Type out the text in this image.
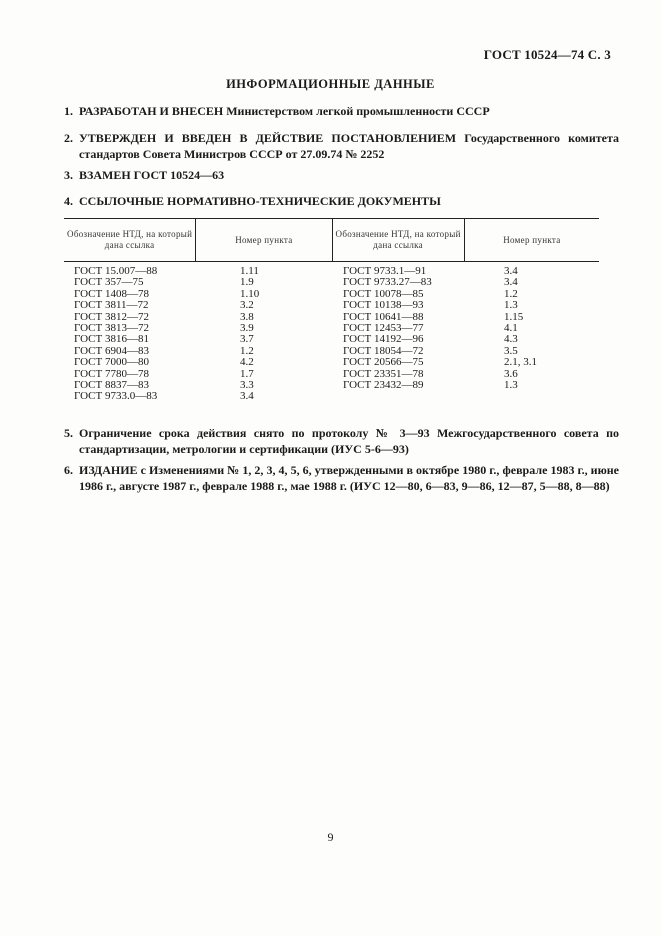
ГОСТ 10524—74 С. 3
ИНФОРМАЦИОННЫЕ ДАННЫЕ
1. РАЗРАБОТАН И ВНЕСЕН Министерством легкой промышленности СССР
2. УТВЕРЖДЕН И ВВЕДЕН В ДЕЙСТВИЕ ПОСТАНОВЛЕНИЕМ Государственного комитета стандартов Совета Министров СССР от 27.09.74 № 2252
3. ВЗАМЕН ГОСТ 10524—63
4. ССЫЛОЧНЫЕ НОРМАТИВНО-ТЕХНИЧЕСКИЕ ДОКУМЕНТЫ
Обозначение НТД, на который дана ссылка
Номер пункта
Обозначение НТД, на который дана ссылка
Номер пункта
ГОСТ 15.007—88
ГОСТ 357—75
ГОСТ 1408—78
ГОСТ 3811—72
ГОСТ 3812—72
ГОСТ 3813—72
ГОСТ 3816—81
ГОСТ 6904—83
ГОСТ 7000—80
ГОСТ 7780—78
ГОСТ 8837—83
ГОСТ 9733.0—83
1.11
1.9
1.10
3.2
3.8
3.9
3.7
1.2
4.2
1.7
3.3
3.4
ГОСТ 9733.1—91
ГОСТ 9733.27—83
ГОСТ 10078—85
ГОСТ 10138—93
ГОСТ 10641—88
ГОСТ 12453—77
ГОСТ 14192—96
ГОСТ 18054—72
ГОСТ 20566—75
ГОСТ 23351—78
ГОСТ 23432—89
3.4
3.4
1.2
1.3
1.15
4.1
4.3
3.5
2.1, 3.1
3.6
1.3
5. Ограничение срока действия снято по протоколу № 3—93 Межгосударственного совета по стандартизации, метрологии и сертификации (ИУС 5-6—93)
6. ИЗДАНИЕ с Изменениями № 1, 2, 3, 4, 5, 6, утвержденными в октябре 1980 г., феврале 1983 г., июне 1986 г., августе 1987 г., феврале 1988 г., мае 1988 г. (ИУС 12—80, 6—83, 9—86, 12—87, 5—88, 8—88)
9
